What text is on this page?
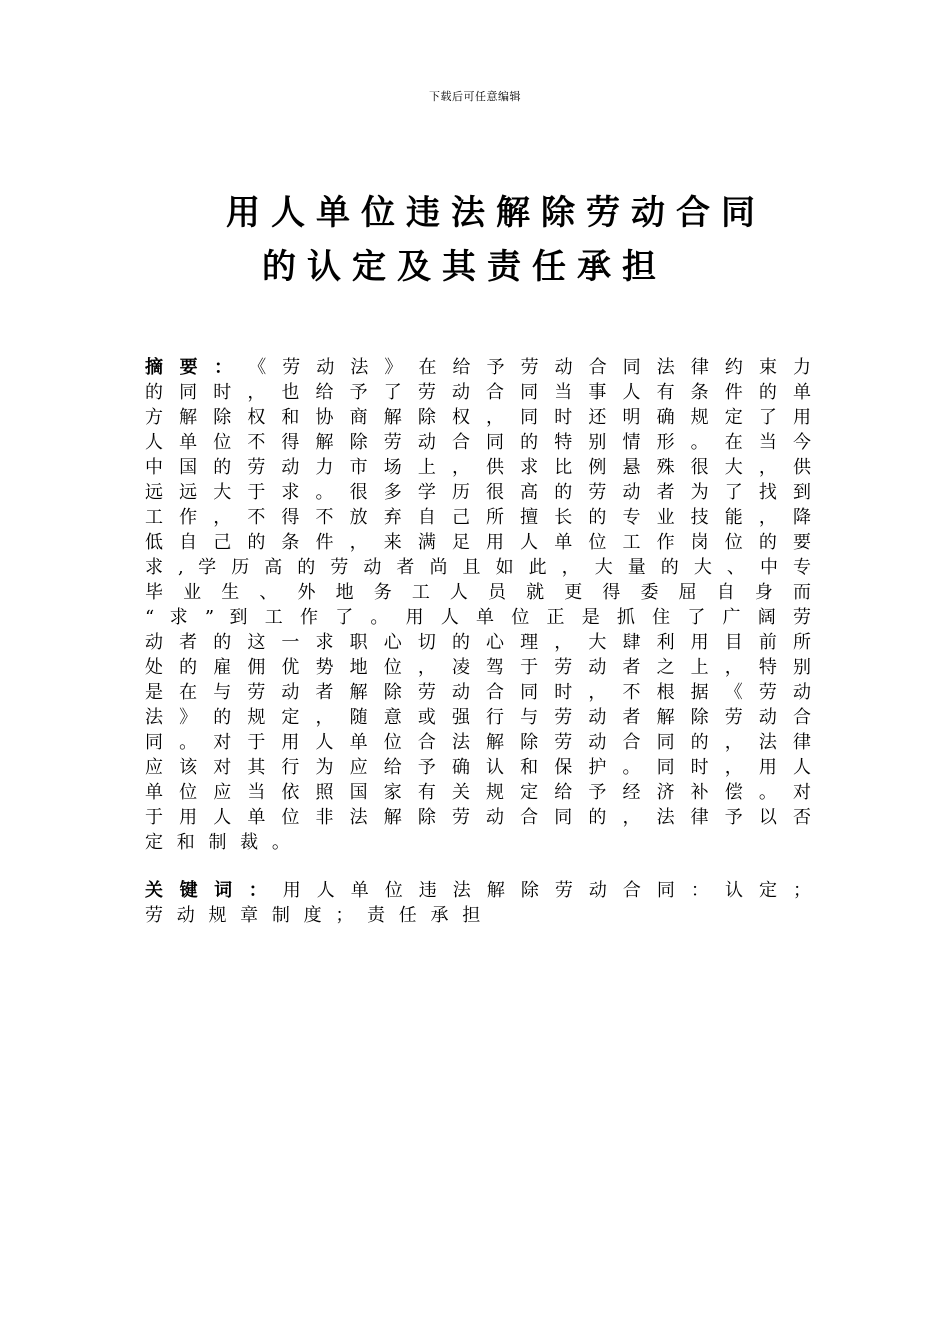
下载后可任意编辑
用人单位违法解除劳动合同
的认定及其责任承担
摘 要 ： 《 劳 动 法 》 在 给 予 劳 动 合 同 法 律 约 束 力
的 同 时 ， 也 给 予 了 劳 动 合 同 当 事 人 有 条 件 的 单
方 解 除 权 和 协 商 解 除 权 ， 同 时 还 明 确 规 定 了 用
人 单 位 不 得 解 除 劳 动 合 同 的 特 别 情 形 。 在 当 今
中 国 的 劳 动 力 市 场 上 ， 供 求 比 例 悬 殊 很 大 ， 供
远 远 大 于 求 。 很 多 学 历 很 高 的 劳 动 者 为 了 找 到
工 作 ， 不 得 不 放 弃 自 己 所 擅 长 的 专 业 技 能 ， 降
低 自 己 的 条 件 ， 来 满 足 用 人 单 位 工 作 岗 位 的 要
求 , 学 历 高 的 劳 动 者 尚 且 如 此 ， 大 量 的 大 、 中 专
毕 业 生 、 外 地 务 工 人 员 就 更 得 委 屈 自 身 而
“ 求 ” 到 工 作 了 。 用 人 单 位 正 是 抓 住 了 广 阔 劳
动 者 的 这 一 求 职 心 切 的 心 理 ， 大 肆 利 用 目 前 所
处 的 雇 佣 优 势 地 位 ， 凌 驾 于 劳 动 者 之 上 ， 特 别
是 在 与 劳 动 者 解 除 劳 动 合 同 时 ， 不 根 据 《 劳 动
法 》 的 规 定 ， 随 意 或 强 行 与 劳 动 者 解 除 劳 动 合
同 。 对 于 用 人 单 位 合 法 解 除 劳 动 合 同 的 ， 法 律
应 该 对 其 行 为 应 给 予 确 认 和 保 护 。 同 时 ， 用 人
单 位 应 当 依 照 国 家 有 关 规 定 给 予 经 济 补 偿 。 对
于 用 人 单 位 非 法 解 除 劳 动 合 同 的 ， 法 律 予 以 否
定 和 制 裁 。
关 键 词 ： 用 人 单 位 违 法 解 除 劳 动 合 同 ： 认 定 ；
劳 动 规 章 制 度 ； 责 任 承 担
